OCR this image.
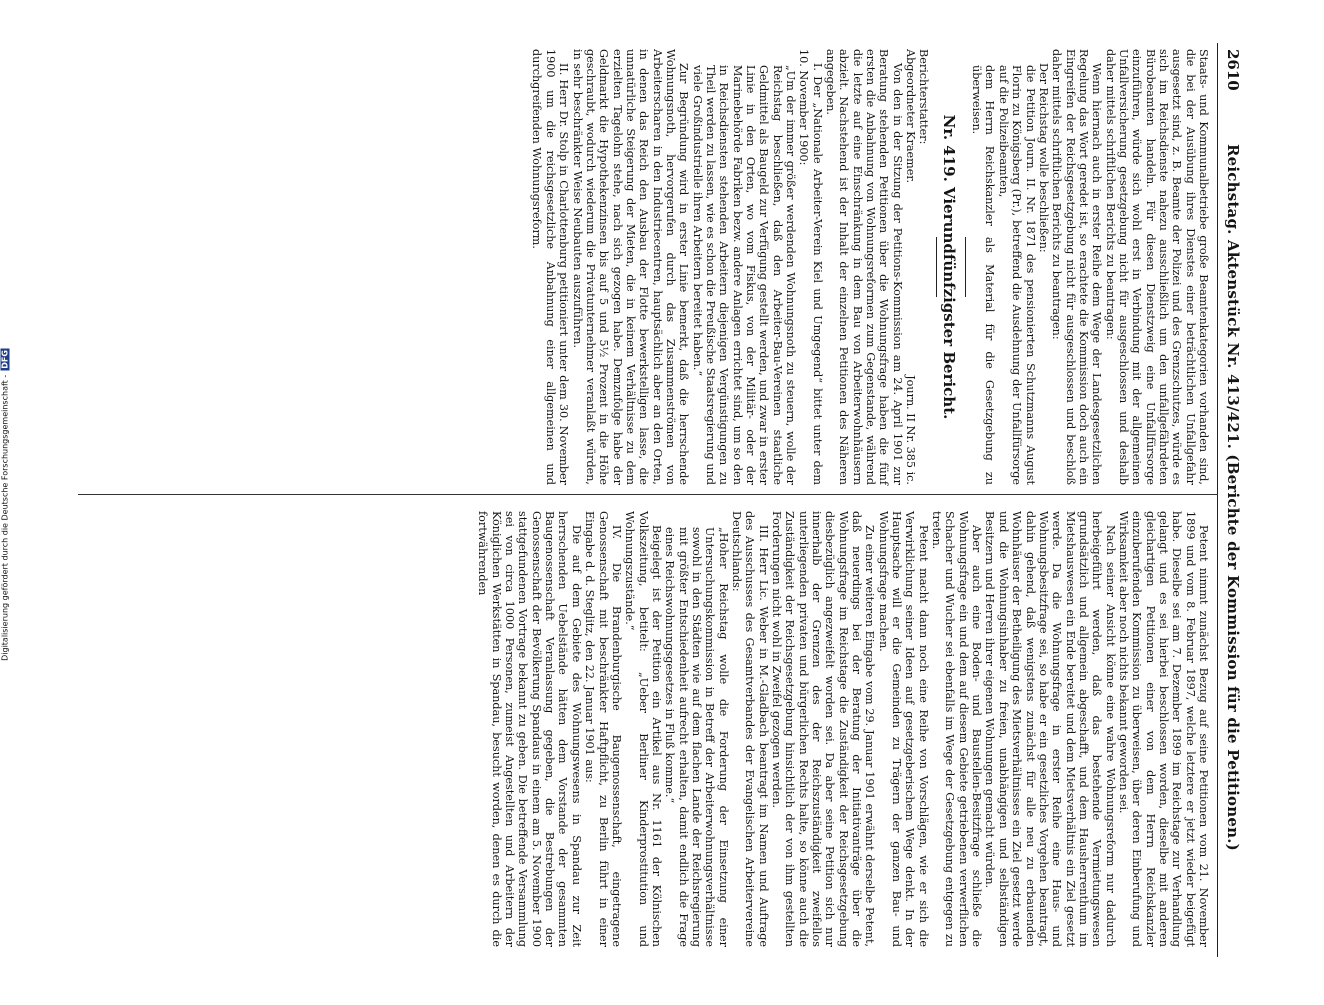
Digitalisierung gefördert durch die Deutsche Forschungsgemeinschaft -DFG
2610
Reichstag. Aktenstück Nr. 413/421. (Berichte der Kommission für die Petitionen.)

Staats- und Kommunalbetriebe große Beamtenkategorien vorhanden sind, die bei der Ausübung ihres Dienstes einer beträchtlichen Unfallgefahr ausgesetzt sind, z. B. Beamte der Polizei und des Grenzschutzes, würde es sich im Reichsdienste nahezu ausschließlich um den unfallgefährdeten Bürobeamten handeln. Für diesen Dienstzweig eine Unfallfürsorge einzuführen, würde sich wohl erst in Verbindung mit der allgemeinen Unfallversicherung gesetzgebung nicht für ausgeschlossen und deshalb daher mittels schriftlichen Berichts zu beantragen:

Wenn hiernach auch in erster Reihe dem Wege der Landesgesetzlichen Regelung das Wort geredet ist, so erachtete die Kommission doch auch ein Eingreifen der Reichsgesetzgebung nicht für ausgeschlossen und beschloß daher mittels schriftlichen Berichts zu beantragen:

Der Reichstag wolle beschließen:

die Petition Journ. II. Nr. 1871 des pensionierten Schutzmanns August Florin zu Königsberg (Pr.), betreffend die Ausdehnung der Unfallfürsorge auf die Polizeibeamten,

dem Herrn Reichskanzler als Material für die Gesetzgebung zu überweisen.

Nr. 419. Vierundfünfzigster Bericht.

Berichterstatter:

Abgeordneter Kraemer.
Journ. II Nr. 385 ic.

Von den in der Sitzung der Petitions-Kommission am 24. April 1901 zur Beratung stehenden Petitionen über die Wohnungsfrage haben die fünf ersten die Anbahnung von Wohnungsreformen zum Gegenstande, während die letzte auf eine Einschränkung in dem Bau von Arbeiterwohnhäusern abzielt. Nachstehend ist der Inhalt der einzelnen Petitionen des Näheren angegeben.

I. Der „Nationale Arbeiter-Verein Kiel und Umgegend“ bittet unter dem 10. November 1900:

„Um der immer größer werdenden Wohnungsnoth zu steuern, wolle der Reichstag beschließen, daß den Arbeiter-Bau-Vereinen staatliche Geldmittel als Baugeld zur Verfügung gestellt werden, und zwar in erster Linie in den Orten, wo vom Fiskus, von der Militär- oder der Marinebehörde Fabriken bezw. andere Anlagen errichtet sind, um so den in Reichsdiensten stehenden Arbeitern diejenigen Vergünstigungen zu Theil werden zu lassen, wie es schon die Preußische Staatsregierung und viele Großindustrielle ihren Arbeitern bereitet haben.“

Zur Begründung wird in erster Linie bemerkt, daß die herrschende Wohnungsnoth, hervorgerufen durch das Zusammenströmen von Arbeiterscharen in den Industriecentren, hauptsächlich aber an den Orten, in denen das Reich den Ausbau der Flotte bewerkstelligen lasse, die unnatürliche Steigerung der Mieten, die in keinem Verhältnisse zu dem erzielten Tagelohn stehe, nach sich gezogen habe. Demzufolge habe der Geldmarkt die Hypothekenzinsen bis auf 5 und 5½ Prozent in die Höhe geschraubt, wodurch wiederum die Privatunternehmer veranlaßt würden, in sehr beschränkter Weise Neubauten auszuführen.

II. Herr Dr. Stolp in Charlottenburg petitioniert unter dem 30. November 1900 um die reichsgesetzliche Anbahnung einer allgemeinen und durchgreifenden Wohnungsreform.

Petent nimmt zunächst Bezug auf seine Petitionen vom 21. November 1899 und vom 8. Februar 1897, welche letztere er jetzt wieder beigefügt habe. Dieselbe sei am 7. Dezember 1899 im Reichstage zur Verhandlung gelangt und es sei hierbei beschlossen worden, dieselbe mit anderen gleichartigen Petitionen einer von dem Herrn Reichskanzler einzuberufenden Kommission zu überweisen, über deren Einberufung und Wirksamkeit aber noch nichts bekannt geworden sei.

Nach seiner Ansicht könne eine wahre Wohnungsreform nur dadurch herbeigeführt werden, daß das bestehende Vermietungswesen grundsätzlich und allgemein abgeschafft, und dem Hausherrenthum im Mietshauswesen ein Ende bereitet und dem Mietsverhältnis ein Ziel gesetzt werde. Da die Wohnungsfrage in erster Reihe eine Haus- und Wohnungsbesitzfrage sei, so habe er ein gesetzliches Vorgehen beantragt, dahin gehend, daß wenigstens zunächst für alle neu zu erbauenden Wohnhäuser der Betheiligung des Mietsverhältnisses ein Ziel gesetzt werde und die Wohnungsinhaber zu freien, unabhängigen und selbständigen Besitzern und Herren ihrer eigenen Wohnungen gemacht würden.

Aber auch eine Boden- und Baustellen-Besitzfrage schließe die Wohnungsfrage ein und dem auf diesem Gebiete getriebenen verwerflichen Schacher und Wucher sei ebenfalls im Wege der Gesetzgebung entgegen zu treten.

Petent macht dann noch eine Reihe von Vorschlägen, wie er sich die Verwirklichung seiner Ideen auf gesetzgeberischem Wege denkt. In der Hauptsache will er die Gemeinden zu Trägern der ganzen Bau- und Wohnungsfrage machen.

Zu einer weiteren Eingabe vom 29. Januar 1901 erwähnt derselbe Petent, daß neuerdings bei der Beratung der Initiativanträge über die Wohnungsfrage im Reichstage die Zuständigkeit der Reichsgesetzgebung diesbezüglich angezweifelt worden sei. Da aber seine Petition sich nur innerhalb der Grenzen des der Reichszuständigkeit zweifellos unterliegenden privaten und bürgerlichen Rechts halte, so könne auch die Zuständigkeit der Reichsgesetzgebung hinsichtlich der von ihm gestellten Forderungen nicht wohl in Zweifel gezogen werden.

III. Herr Lic. Weber in M.-Gladbach beantragt im Namen und Auftrage des Ausschusses des Gesamtverbandes der Evangelischen Arbeitervereine Deutschlands:

„Hoher Reichstag wolle die Forderung der Einsetzung einer Untersuchungskommission in Betreff der Arbeiterwohnungsverhältnisse sowohl in den Städten wie auf dem flachen Lande der Reichsregierung mit größter Entschiedenheit aufrecht erhalten, damit endlich die Frage eines Reichswohnungsgesetzes in Fluß komme.“

Beigelegt ist der Petition ein Artikel aus Nr. 1161 der Kölnischen Volkszeitung, betitelt: „Ueber Berliner Kinderprostitution und Wohnungszustände.“

IV. Die Brandenburgische Baugenossenschaft, eingetragene Genossenschaft mit beschränkter Haftpflicht, zu Berlin führt in einer Eingabe d. d. Steglitz, den 22. Januar 1901 aus:

Die auf dem Gebiete des Wohnungswesens in Spandau zur Zeit herrschenden Uebelstände hätten dem Vorstande der gesammten Baugenossenschaft Veranlassung gegeben, die Bestrebungen der Genossenschaft der Bevölkerung Spandaus in einem am 5. November 1900 stattgefundenen Vortrage bekannt zu geben. Die betreffende Versammlung sei von circa 1000 Personen, zumeist Angestellten und Arbeitern der Königlichen Werkstätten in Spandau, besucht worden, denen es durch die fortwährenden
